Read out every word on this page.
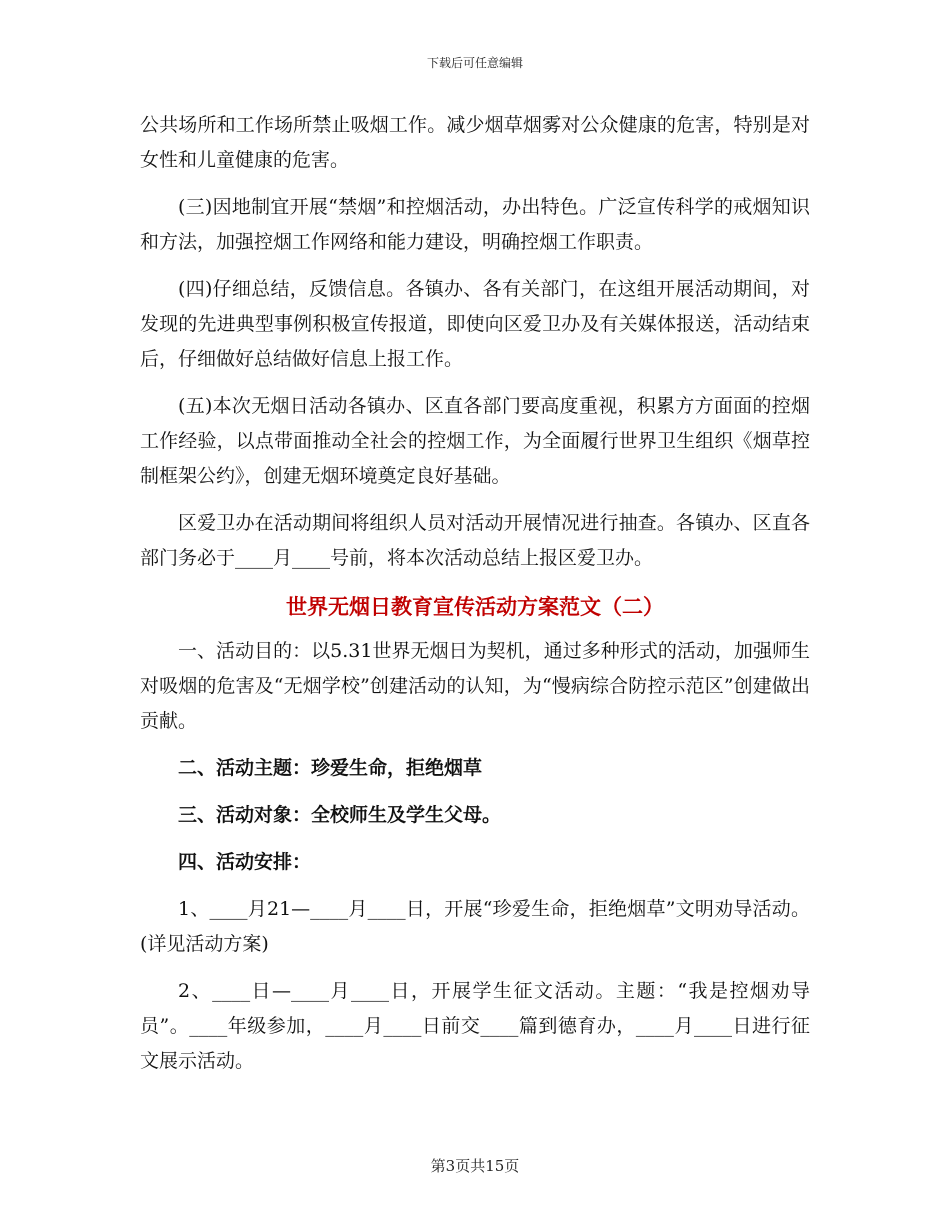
下载后可任意编辑

公共场所和工作场所禁止吸烟工作。减少烟草烟雾对公众健康的危害，特别是对女性和儿童健康的危害。

(三)因地制宜开展“禁烟”和控烟活动，办出特色。广泛宣传科学的戒烟知识和方法，加强控烟工作网络和能力建设，明确控烟工作职责。

(四)仔细总结，反馈信息。各镇办、各有关部门，在这组开展活动期间，对发现的先进典型事例积极宣传报道，即使向区爱卫办及有关媒体报送，活动结束后，仔细做好总结做好信息上报工作。

(五)本次无烟日活动各镇办、区直各部门要高度重视，积累方方面面的控烟工作经验，以点带面推动全社会的控烟工作，为全面履行世界卫生组织《烟草控制框架公约》，创建无烟环境奠定良好基础。

区爱卫办在活动期间将组织人员对活动开展情况进行抽查。各镇办、区直各部门务必于____月____号前，将本次活动总结上报区爱卫办。

世界无烟日教育宣传活动方案范文（二）

一、活动目的：以5.31世界无烟日为契机，通过多种形式的活动，加强师生对吸烟的危害及“无烟学校”创建活动的认知，为“慢病综合防控示范区”创建做出贡献。

二、活动主题：珍爱生命，拒绝烟草

三、活动对象：全校师生及学生父母。

四、活动安排：

1、____月21—____月____日，开展“珍爱生命，拒绝烟草”文明劝导活动。(详见活动方案)

2、____日—____月____日，开展学生征文活动。主题：“我是控烟劝导员”。____年级参加，____月____日前交____篇到德育办，____月____日进行征文展示活动。

第3页共15页
